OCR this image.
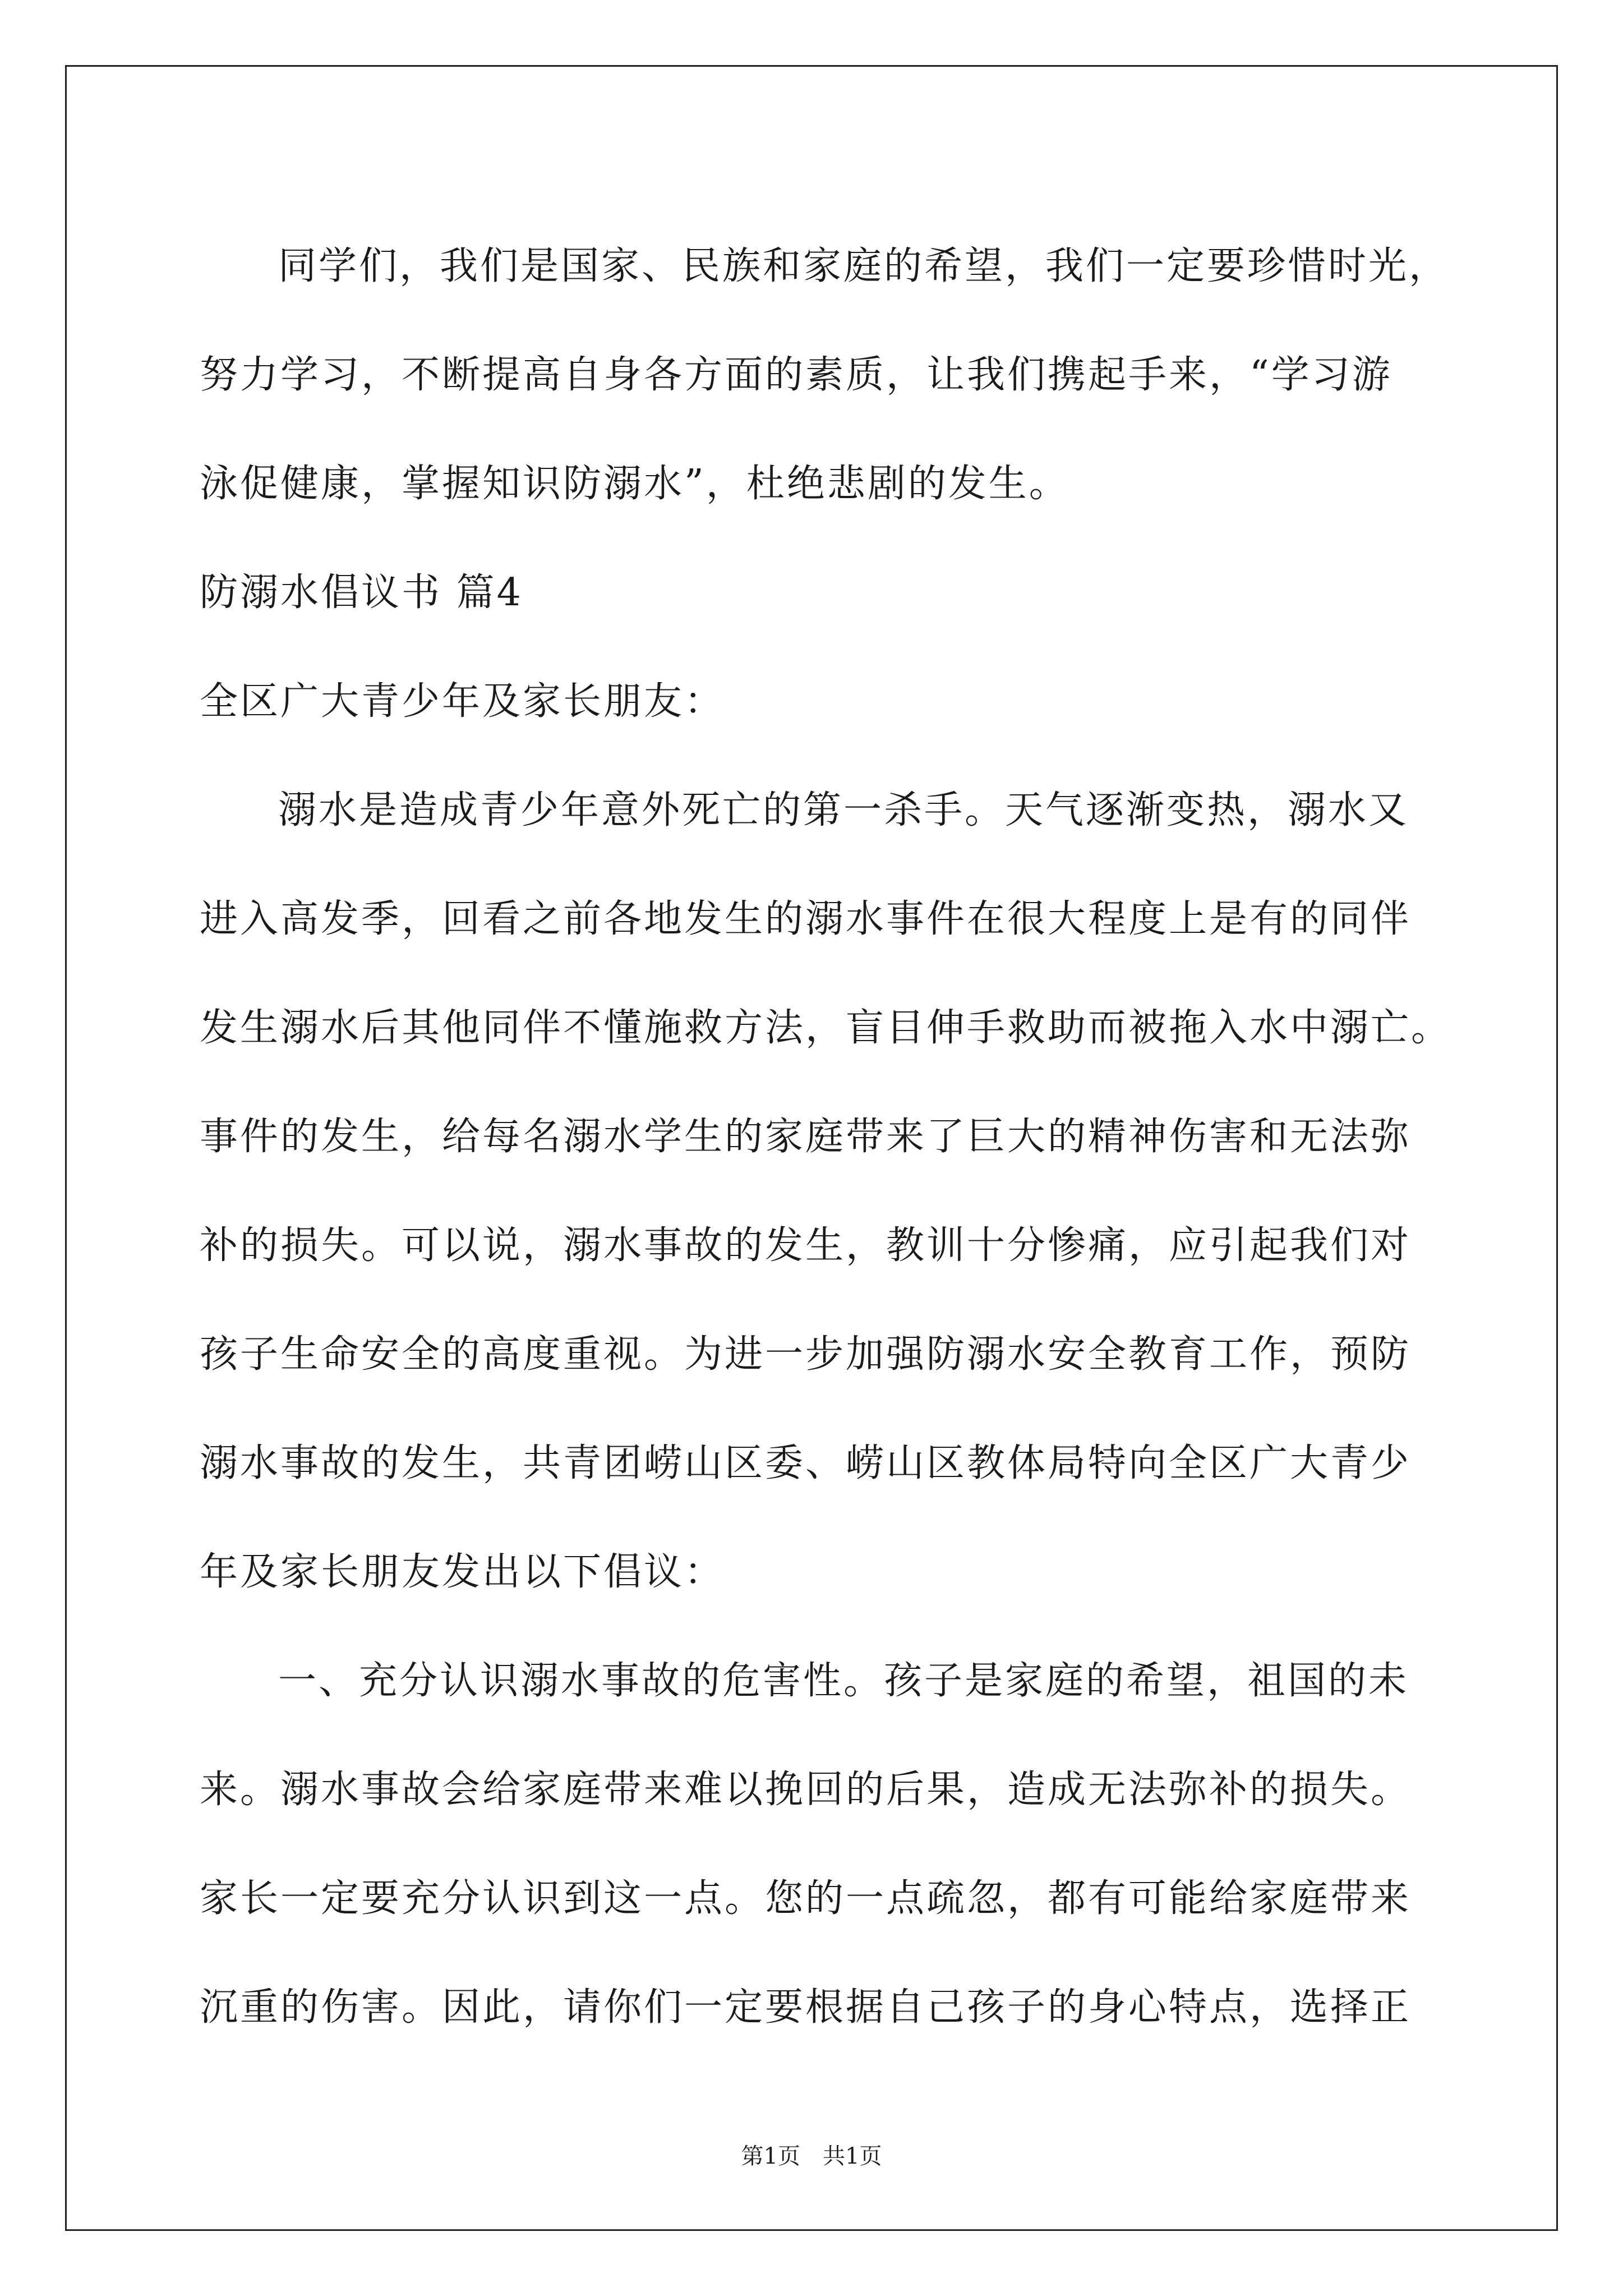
同学们，我们是国家、民族和家庭的希望，我们一定要珍惜时光，
努力学习，不断提高自身各方面的素质，让我们携起手来，“学习游
泳促健康，掌握知识防溺水”，杜绝悲剧的发生。
防溺水倡议书 篇4
全区广大青少年及家长朋友：
溺水是造成青少年意外死亡的第一杀手。天气逐渐变热，溺水又
进入高发季，回看之前各地发生的溺水事件在很大程度上是有的同伴
发生溺水后其他同伴不懂施救方法，盲目伸手救助而被拖入水中溺亡。
事件的发生，给每名溺水学生的家庭带来了巨大的精神伤害和无法弥
补的损失。可以说，溺水事故的发生，教训十分惨痛，应引起我们对
孩子生命安全的高度重视。为进一步加强防溺水安全教育工作，预防
溺水事故的发生，共青团崂山区委、崂山区教体局特向全区广大青少
年及家长朋友发出以下倡议：
一、充分认识溺水事故的危害性。孩子是家庭的希望，祖国的未
来。溺水事故会给家庭带来难以挽回的后果，造成无法弥补的损失。
家长一定要充分认识到这一点。您的一点疏忽，都有可能给家庭带来
沉重的伤害。因此，请你们一定要根据自己孩子的身心特点，选择正
第1页　共1页
